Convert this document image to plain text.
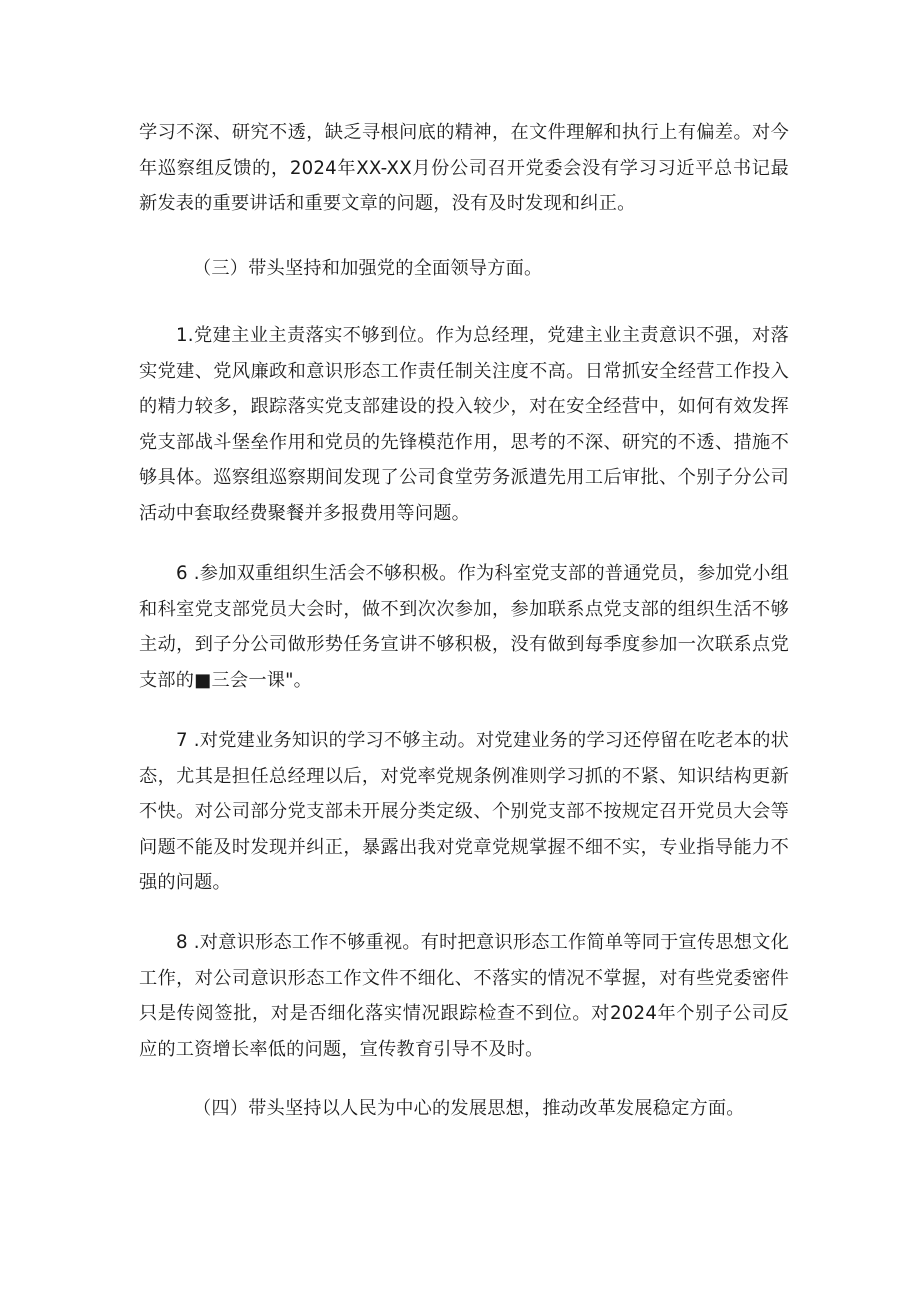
学习不深、研究不透，缺乏寻根问底的精神，在文件理解和执行上有偏差。对今年巡察组反馈的，2024年XX-XX月份公司召开党委会没有学习习近平总书记最新发表的重要讲话和重要文章的问题，没有及时发现和纠正。

（三）带头坚持和加强党的全面领导方面。

1.党建主业主责落实不够到位。作为总经理，党建主业主责意识不强，对落实党建、党风廉政和意识形态工作责任制关注度不高。日常抓安全经营工作投入的精力较多，跟踪落实党支部建设的投入较少，对在安全经营中，如何有效发挥党支部战斗堡垒作用和党员的先锋模范作用，思考的不深、研究的不透、措施不够具体。巡察组巡察期间发现了公司食堂劳务派遣先用工后审批、个别子分公司活动中套取经费聚餐并多报费用等问题。

6 .参加双重组织生活会不够积极。作为科室党支部的普通党员，参加党小组和科室党支部党员大会时，做不到次次参加，参加联系点党支部的组织生活不够主动，到子分公司做形势任务宣讲不够积极，没有做到每季度参加一次联系点党支部的■三会一课"。

7 .对党建业务知识的学习不够主动。对党建业务的学习还停留在吃老本的状态，尤其是担任总经理以后，对党率党规条例准则学习抓的不紧、知识结构更新不快。对公司部分党支部未开展分类定级、个别党支部不按规定召开党员大会等问题不能及时发现并纠正，暴露出我对党章党规掌握不细不实，专业指导能力不强的问题。

8 .对意识形态工作不够重视。有时把意识形态工作简单等同于宣传思想文化工作，对公司意识形态工作文件不细化、不落实的情况不掌握，对有些党委密件只是传阅签批，对是否细化落实情况跟踪检查不到位。对2024年个别子公司反应的工资增长率低的问题，宣传教育引导不及时。

（四）带头坚持以人民为中心的发展思想，推动改革发展稳定方面。
